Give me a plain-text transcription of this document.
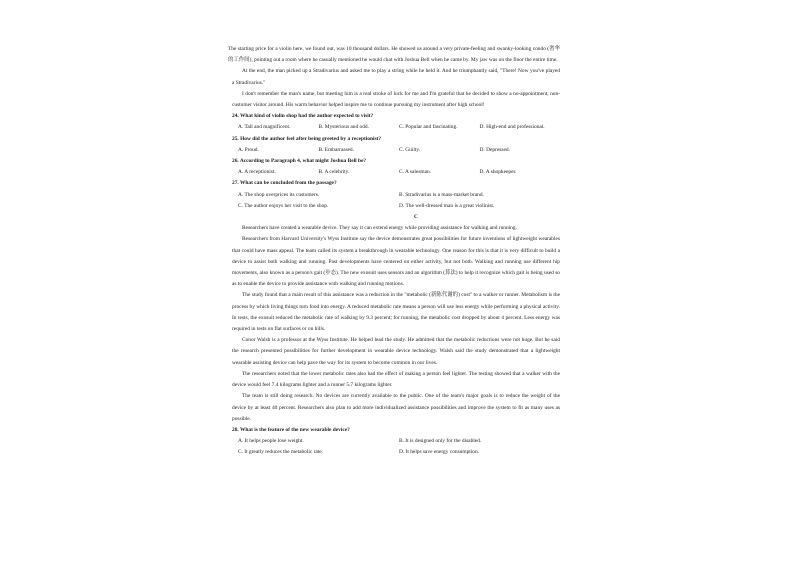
The starting price for a violin here, we found out, was 10 thousand dollars. He showed us around a very private-feeling and swanky-looking condo (奢华的工作间), pointing out a room where he casually mentioned he would chat with Joshua Bell when he came by. My jaw was on the floor the entire time.

At the end, the man picked up a Stradivarius and asked me to play a string while he held it. And he triumphantly said, "There! Now you've played a Stradivarius."

I don't remember the man's name, but meeting him is a real stroke of luck for me and I'm grateful that he decided to show a no-appointment, non-customer visitor around. His warm behavior helped inspire me to continue pursuing my instrument after high school!

24. What kind of violin shop had the author expected to visit?

A. Tall and magnificent.	B. Mysterious and odd.	C. Popular and fascinating.	D. High-end and professional.

25. How did the author feel after being greeted by a receptionist?

A. Proud.	B. Embarrassed.	C. Guilty.	D. Depressed.

26. According to Paragraph 4, what might Joshua Bell be?

A. A receptionist.	B. A celebrity.	C. A salesman.	D. A shopkeeper.

27. What can be concluded from the passage?

A. The shop overprices its customers.	B. Stradivarius is a mass-market brand.
C. The author enjoys her visit to the shop.	D. The well-dressed man is a great violinist.

C

Researchers have created a wearable device. They say it can extend energy while providing assistance for walking and running.

Researchers from Harvard University's Wyss Institute say the device demonstrates great possibilities for future inventions of lightweight wearables that could have mass appeal. The team called its system a breakthrough in wearable technology. One reason for this is that it is very difficult to build a device to assist both walking and running. Past developments have centered on either activity, but not both. Walking and running use different hip movements, also known as a person's gait (步态). The new exosuit uses sensors and an algorithm (算法) to help it recognize which gait is being used so as to enable the device to provide assistance with walking and running motions.

The study found that a main result of this assistance was a reduction in the "metabolic (新陈代谢的) cost" to a walker or runner. Metabolism is the process by which living things turn food into energy. A reduced metabolic rate means a person will use less energy while performing a physical activity. In tests, the exosuit reduced the metabolic rate of walking by 9.3 percent; for running, the metabolic cost dropped by about 4 percent. Less energy was required in tests on flat surfaces or on hills.

Conor Walsh is a professor at the Wyss Institute. He helped lead the study. He admitted that the metabolic reductions were not huge. But he said the research presented possibilities for further development in wearable device technology. Walsh said the study demonstrated that a lightweight wearable assisting device can help pave the way for its system to become common in our lives.

The researchers noted that the lower metabolic rates also had the effect of making a person feel lighter. The testing showed that a walker with the device would feel 7.4 kilograms lighter and a runner 5.7 kilograms lighter.

The team is still doing research. No devices are currently available to the public. One of the team's major goals is to reduce the weight of the device by at least 40 percent. Researchers also plan to add more individualized assistance possibilities and improve the system to fit as many uses as possible.

28. What is the feature of the new wearable device?

A. It helps people lose weight.	B. It is designed only for the disabled.
C. It greatly reduces the metabolic rate.	D. It helps save energy consumption.
